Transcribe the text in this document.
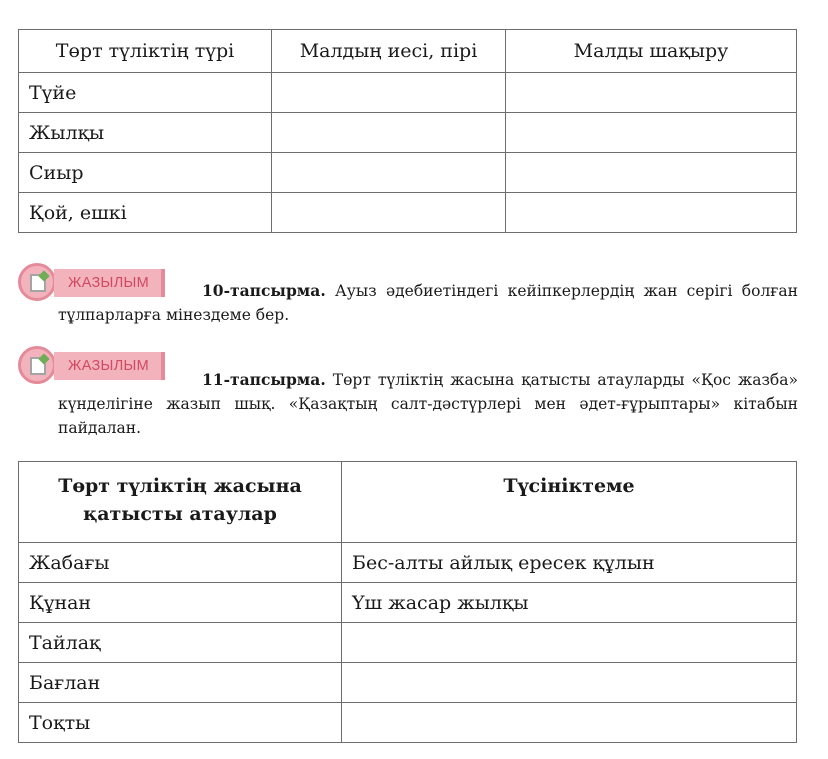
Төрт түліктің түрі	Малдың иесі, пірі	Малды шақыру
Түйе		
Жылқы		
Сиыр		
Қой, ешкі		
ЖАЗЫЛЫМ	10-тапсырма. Ауыз әдебиетіндегі кейіпкерлердің жан серігі болған тұлпарларға мінездеме бер.
ЖАЗЫЛЫМ
11-тапсырма. Төрт түліктің жасына қатысты атауларды «Қос жазба» күнделігіне жазып шық. «Қазақтың салт-дәстүрлері мен әдет-ғұрыптары» кітабын пайдалан.
Төрт түліктің жасына қатысты атаулар	Түсініктеме
Жабағы	Бес-алты айлық ересек құлын
Құнан	Үш жасар жылқы
Тайлақ	
Бағлан	
Тоқты	
